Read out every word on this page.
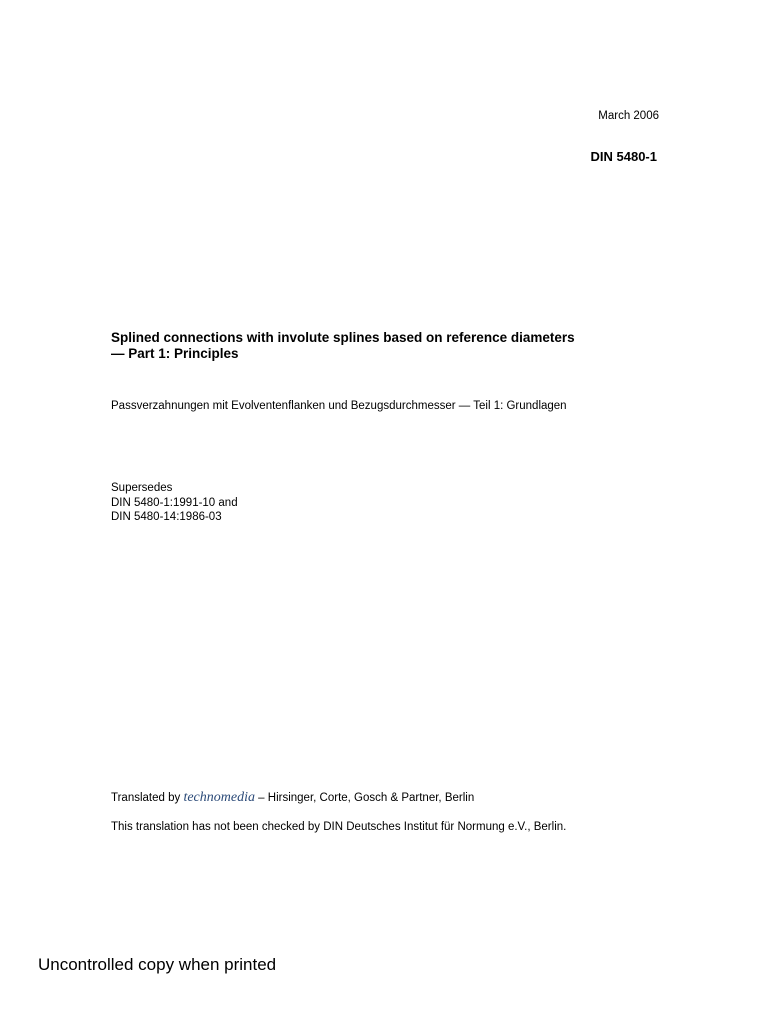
March 2006
DIN 5480-1
Splined connections with involute splines based on reference diameters
— Part 1: Principles
Passverzahnungen mit Evolventenflanken und Bezugsdurchmesser — Teil 1: Grundlagen
Supersedes
DIN 5480-1:1991-10 and
DIN 5480-14:1986-03
Translated by technomedia – Hirsinger, Corte, Gosch & Partner, Berlin
This translation has not been checked by DIN Deutsches Institut für Normung e.V., Berlin.
Uncontrolled copy when printed
